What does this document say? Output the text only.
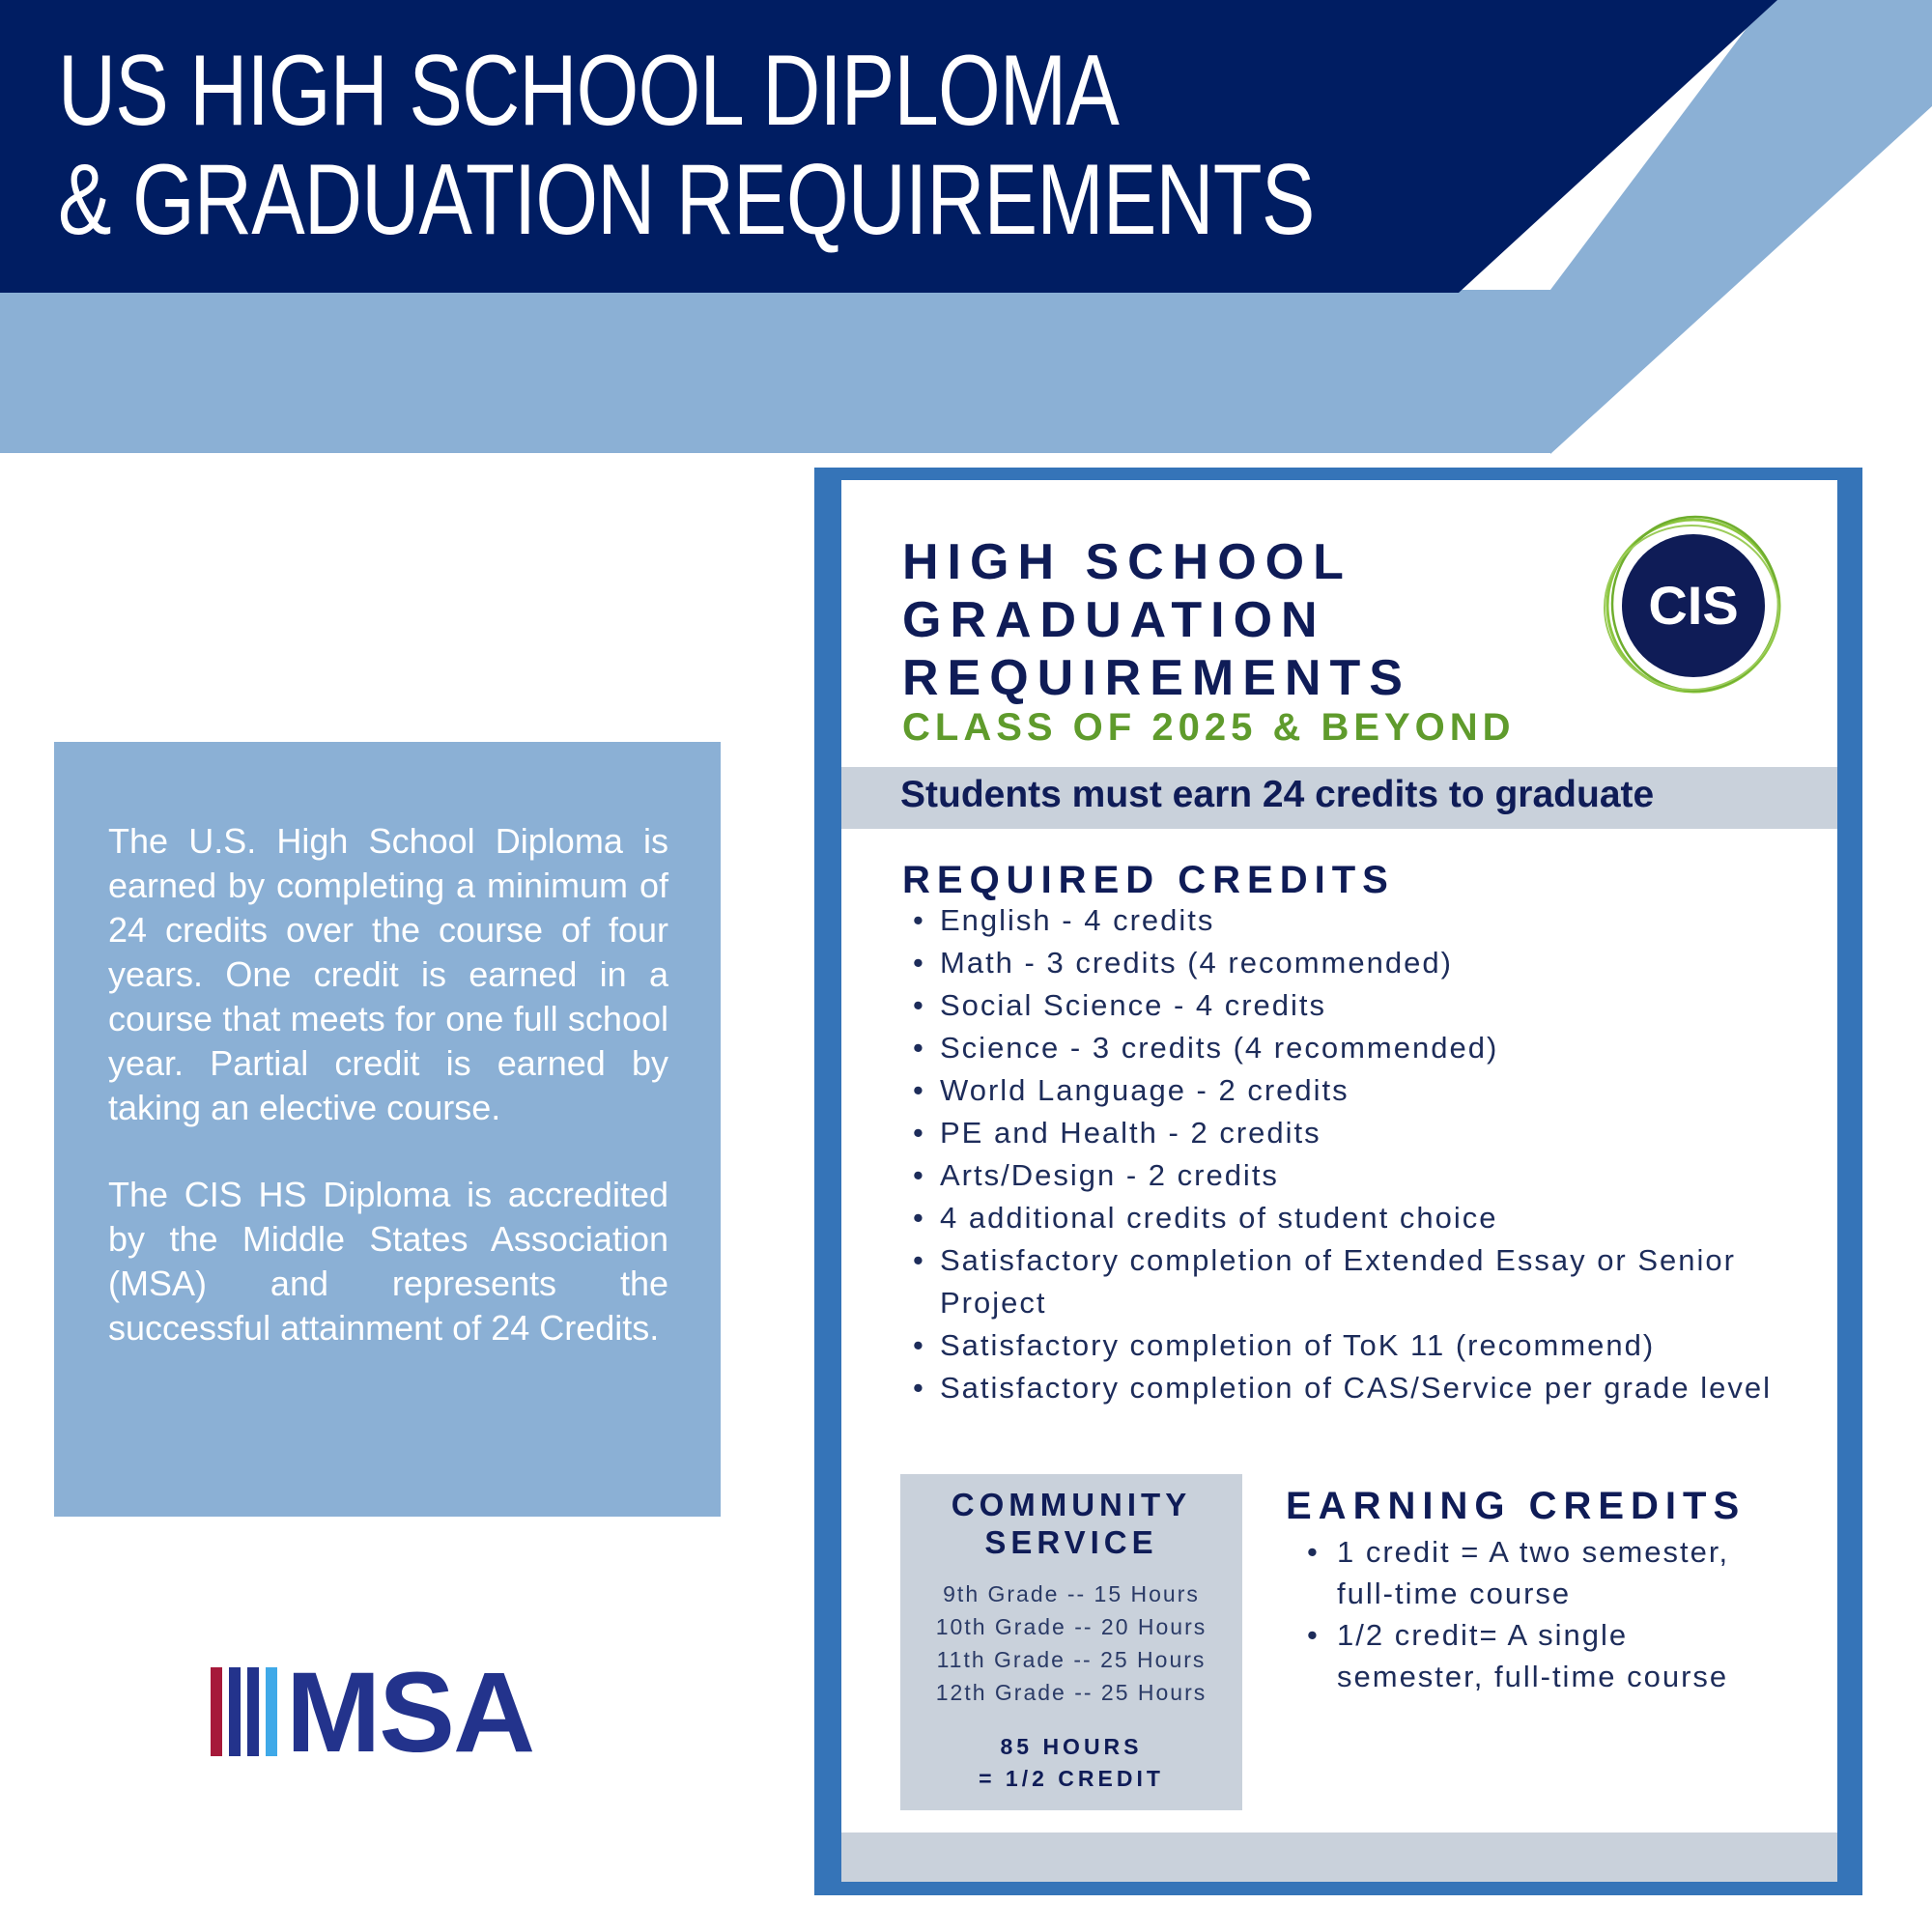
US HIGH SCHOOL DIPLOMA
& GRADUATION REQUIREMENTS

The U.S. High School Diploma is earned by completing a minimum of 24 credits over the course of four years. One credit is earned in a course that meets for one full school year. Partial credit is earned by taking an elective course.

The CIS HS Diploma is accredited by the Middle States Association (MSA) and represents the successful attainment of 24 Credits.

MSA
HIGH SCHOOL
GRADUATION
REQUIREMENTS
CLASS OF 2025 & BEYOND
CIS
Students must earn 24 credits to graduate
REQUIRED CREDITS
• English - 4 credits
• Math - 3 credits (4 recommended)
• Social Science - 4 credits
• Science - 3 credits (4 recommended)
• World Language - 2 credits
• PE and Health - 2 credits
• Arts/Design - 2 credits
• 4 additional credits of student choice
• Satisfactory completion of Extended Essay or Senior Project
• Satisfactory completion of ToK 11 (recommend)
• Satisfactory completion of CAS/Service per grade level
COMMUNITY
SERVICE
9th Grade -- 15 Hours
10th Grade -- 20 Hours
11th Grade -- 25 Hours
12th Grade -- 25 Hours
85 HOURS
= 1/2 CREDIT
EARNING CREDITS
• 1 credit = A two semester, full-time course
• 1/2 credit= A single semester, full-time course
